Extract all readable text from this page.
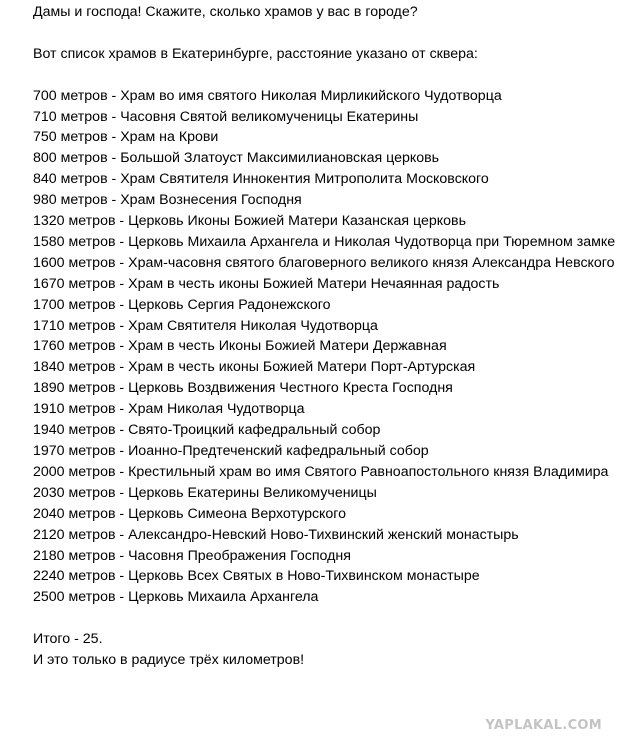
Дамы и господа! Скажите, сколько храмов у вас в городе?

Вот список храмов в Екатеринбурге, расстояние указано от сквера:

700 метров - Храм во имя святого Николая Мирликийского Чудотворца

710 метров - Часовня Святой великомученицы Екатерины

750 метров - Храм на Крови

800 метров - Большой Златоуст Максимилиановская церковь

840 метров - Храм Святителя Иннокентия Митрополита Московского

980 метров - Храм Вознесения Господня

1320 метров - Церковь Иконы Божией Матери Казанская церковь

1580 метров - Церковь Михаила Архангела и Николая Чудотворца при Тюремном замке

1600 метров - Храм-часовня святого благоверного великого князя Александра Невского

1670 метров - Храм в честь иконы Божией Матери Нечаянная радость

1700 метров - Церковь Сергия Радонежского

1710 метров - Храм Святителя Николая Чудотворца

1760 метров - Храм в честь Иконы Божией Матери Державная

1840 метров - Храм в честь иконы Божией Матери Порт-Артурская

1890 метров - Церковь Воздвижения Честного Креста Господня

1910 метров - Храм Николая Чудотворца

1940 метров - Свято-Троицкий кафедральный собор

1970 метров - Иоанно-Предтеченский кафедральный собор

2000 метров - Крестильный храм во имя Святого Равноапостольного князя Владимира

2030 метров - Церковь Екатерины Великомученицы

2040 метров - Церковь Симеона Верхотурского

2120 метров - Александро-Невский Ново-Тихвинский женский монастырь

2180 метров - Часовня Преображения Господня

2240 метров - Церковь Всех Святых в Ново-Тихвинском монастыре

2500 метров - Церковь Михаила Архангела

Итого - 25.

И это только в радиусе трёх километров!

YAPLAKAL.COM
